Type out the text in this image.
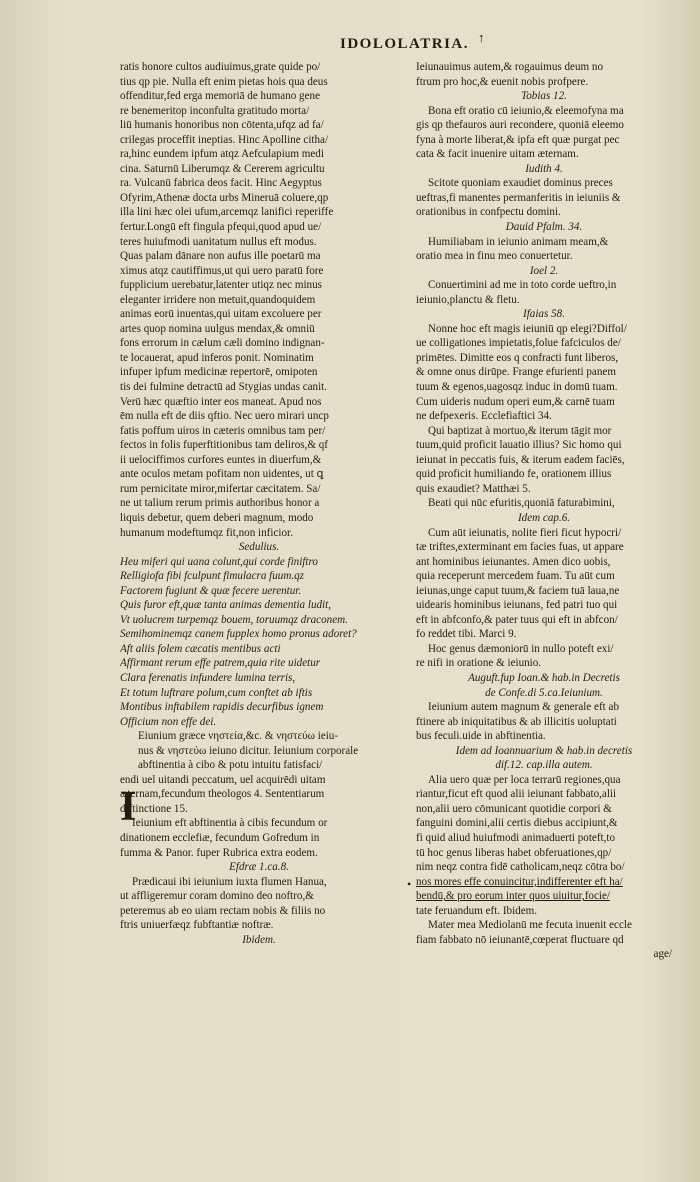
IDOLOLATRIA. ↑
ratis honore cultos audiuimus,grate quide po/
tius qp pie. Nulla eft enim pietas hois qua deus
offenditur,fed erga memoriā de humano gene
re benemeritop inconfulta gratitudo morta/
liū humanis honoribus non cōtenta,ufqz ad fa/
crilegas proceffit ineptias. Hinc Apolline citha/
ra,hinc eundem ipfum atqz Aefculapium medi
cina. Saturnū Liberumqz & Cererem agricultu
ra. Vulcanū fabrica deos facit. Hinc Aegyptus
Ofyrim,Athenæ docta urbs Mineruā coluere,qp
illa lini hæc olei ufum,arcemqz lanifici reperiffe
fertur.Longū eft fingula pfequi,quod apud ue/
teres huiufmodi uanitatum nullus eft modus.
Quas palam dānare non aufus ille poetarū ma
ximus atqz cautiffimus,ut qui uero paratū fore
fupplicium uerebatur,latenter utiqz nec minus
eleganter irridere non metuit,quandoquidem
animas eorū inuentas,qui uitam excoluere per
artes quop nomina uulgus mendax,& omniū
fons errorum in cælum cæli domino indignan-
te locauerat, apud inferos ponit. Nominatim
infuper ipfum medicinæ repertorē, omipoten
tis dei fulmine detractū ad Stygias undas canit.
Verū hæc quæftio inter eos maneat. Apud nos
ēm nulla eft de diis qftio. Nec uero mirari uncp
fatis poffum uiros in cæteris omnibus tam per/
fectos in folis fuperftitionibus tam deliros,& qf
ii uelociffimos curfores euntes in diuerfum,&
ante oculos metam pofitam non uidentes, ut ꝗ
rum pernicitate miror,mifertar cæcitatem. Sa/
ne ut talium rerum primis authoribus honor a
liquis debetur, quem deberi magnum, modo
humanum modeftumqz fit,non inficior.
Sedulius.
Heu miferi qui uana colunt,qui corde finiftro
Relligiofa fibi fculpunt fimulacra fuum.qz
Factorem fugiunt & quæ fecere uerentur.
Quis furor eft,quæ tanta animas dementia ludit,
Vt uolucrem turpemqz bouem, toruumqz draconem.
Semihominemqz canem fupplex homo pronus adoret?
Aft aliis folem cæcatis mentibus acti
Affirmant rerum effe patrem,quia rite uidetur
Clara ferenatis infundere lumina terris,
Et totum luftrare polum,cum conftet ab iftis
Montibus inftabilem rapidis decurfibus ignem
Officium non effe dei.
Eiunium græce νηστεία,&c. & νηστεύω ieiu-
nus & νηστεύω ieiuno dicitur. Ieiunium corporale
abftinentia à cibo & potu intuitu fatisfaci/
endi uel uitandi peccatum, uel acquirēdi uitam
æternam,fecundum theologos 4. Sententiarum
diftinctione 15.
Ieiunium eft abftinentia à cibis fecundum or
dinationem ecclefiæ, fecundum Gofredum in
fumma & Panor. fuper Rubrica extra eodem.
Efdræ 1.ca.8.
Prædicaui ibi ieiunium iuxta flumen Hanua,
ut affligeremur coram domino deo noftro,&
peteremus ab eo uiam rectam nobis & filiis no
ftris uniuerfæqz fubftantiæ noftræ.
Ibidem.
Ieiunauimus autem,& rogauimus deum no
ftrum pro hoc,& euenit nobis profpere.
Tobias 12.
Bona eft oratio cū ieiunio,& eleemofyna ma
gis qp thefauros auri recondere, quoniā eleemo
fyna à morte liberat,& ipfa eft quæ purgat pec
cata & facit inuenire uitam æternam.
Iudith 4.
Scitote quoniam exaudiet dominus preces
ueftras,fi manentes permanferitis in ieiuniis &
orationibus in confpectu domini.
Dauid Pfalm. 34.
Humiliabam in ieiunio animam meam,&
oratio mea in finu meo conuertetur.
Ioel 2.
Conuertimini ad me in toto corde ueftro,in
ieiunio,planctu & fletu.
Ifaias 58.
Nonne hoc eft magis ieiuniū qp elegi?Diffol/
ue colligationes impietatis,folue fafciculos de/
primētes. Dimitte eos q confracti funt liberos,
& omne onus dirūpe. Frange efurienti panem
tuum & egenos,uagosqz induc in domū tuam.
Cum uideris nudum operi eum,& carnē tuam
ne defpexeris. Ecclefiaftici 34.
Qui baptizat à mortuo,& iterum tāgit mor
tuum,quid proficit lauatio illius? Sic homo qui
ieiunat in peccatis fuis, & iterum eadem faciēs,
quid proficit humiliando fe, orationem illius
quis exaudiet? Matthæi 5.
Beati qui nūc efuritis,quoniā faturabimini,
Idem cap.6.
Cum aūt ieiunatis, nolite fieri ficut hypocri/
tæ triftes,exterminant em facies fuas, ut appare
ant hominibus ieiunantes. Amen dico uobis,
quia receperunt mercedem fuam. Tu aūt cum
ieiunas,unge caput tuum,& faciem tuā laua,ne
uidearis hominibus ieiunans, fed patri tuo qui
eft in abfconfo,& pater tuus qui eft in abfcon/
fo reddet tibi. Marci 9.
Hoc genus dæmoniorū in nullo poteft exi/
re nifi in oratione & ieiunio.
Auguft.fup Ioan.& hab.in Decretis
de Confe.di 5.ca.Ieiunium.
Ieiunium autem magnum & generale eft ab
ftinere ab iniquitatibus & ab illicitis uoluptati
bus feculi.uide in abftinentia.
Idem ad Ioannuarium & hab.in decretis
dif.12. cap.illa autem.
Alia uero quæ per loca terrarū regiones,qua
riantur,ficut eft quod alii ieiunant fabbato,alii
non,alii uero cōmunicant quotidie corpori &
fanguini domini,alii certis diebus accipiunt,&
fi quid aliud huiufmodi animaduerti poteft,to
tū hoc genus liberas habet obferuationes,qp/
nim neqz contra fidē catholicam,neqz cōtra bo/
nos mores effe conuincitur,indifferenter eft ha/
bendū,& pro eorum inter quos uiuitur,focie/
tate feruandum eft. Ibidem.
Mater mea Mediolanū me fecuta inuenit eccle
fiam fabbato nō ieiunantē,cœperat fluctuare qd
age/
I
•
